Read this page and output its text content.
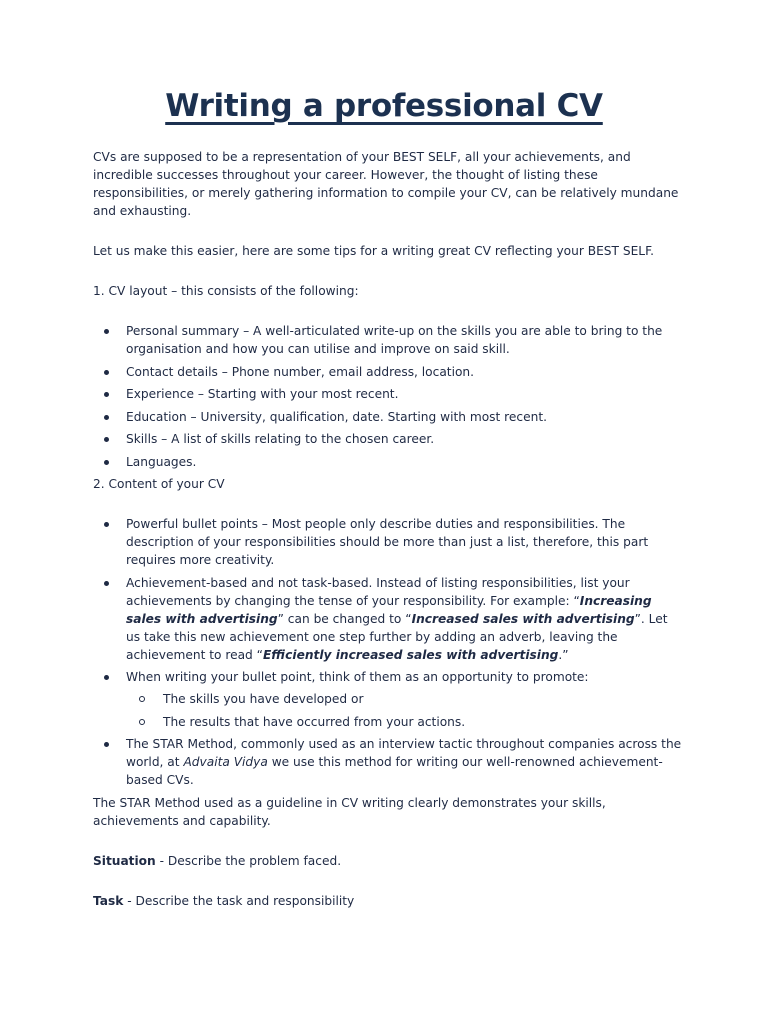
Writing a professional CV

CVs are supposed to be a representation of your BEST SELF, all your achievements, and incredible successes throughout your career. However, the thought of listing these responsibilities, or merely gathering information to compile your CV, can be relatively mundane and exhausting.

Let us make this easier, here are some tips for a writing great CV reflecting your BEST SELF.

1. CV layout – this consists of the following:

Personal summary – A well-articulated write-up on the skills you are able to bring to the organisation and how you can utilise and improve on said skill.
Contact details – Phone number, email address, location.
Experience – Starting with your most recent.
Education – University, qualification, date. Starting with most recent.
Skills – A list of skills relating to the chosen career.
Languages.

2. Content of your CV

Powerful bullet points – Most people only describe duties and responsibilities. The description of your responsibilities should be more than just a list, therefore, this part requires more creativity.
Achievement-based and not task-based. Instead of listing responsibilities, list your achievements by changing the tense of your responsibility. For example: “Increasing sales with advertising” can be changed to “Increased sales with advertising”. Let us take this new achievement one step further by adding an adverb, leaving the achievement to read “Efficiently increased sales with advertising.”
When writing your bullet point, think of them as an opportunity to promote:
The skills you have developed or
The results that have occurred from your actions.
The STAR Method, commonly used as an interview tactic throughout companies across the world, at Advaita Vidya we use this method for writing our well-renowned achievement-based CVs.

The STAR Method used as a guideline in CV writing clearly demonstrates your skills, achievements and capability.

Situation - Describe the problem faced.

Task - Describe the task and responsibility
